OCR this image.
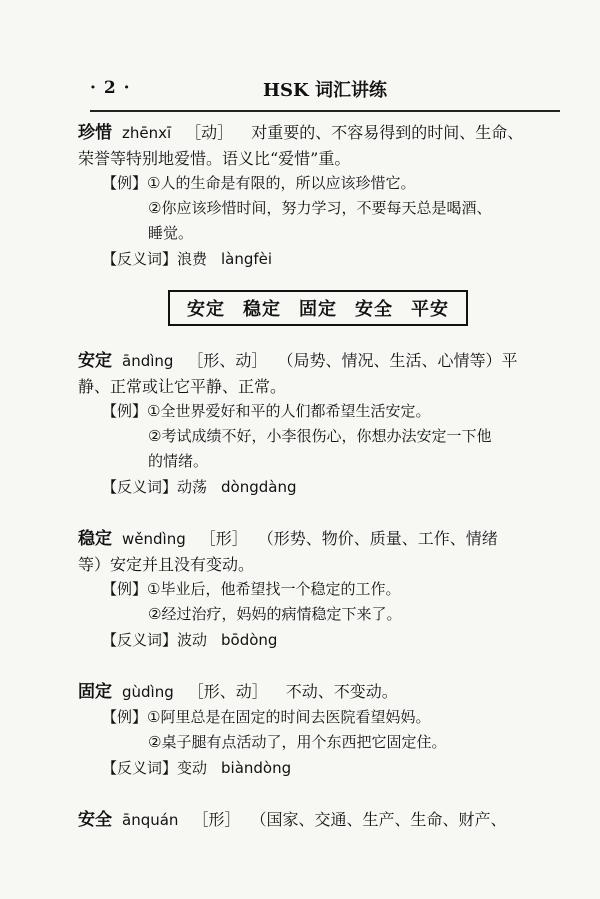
· 2 ·	HSK 词汇讲练
珍惜 zhēnxī ［动］ 对重要的、不容易得到的时间、生命、
荣誉等特别地爱惜。语义比“爱惜”重。
【例】①人的生命是有限的，所以应该珍惜它。
②你应该珍惜时间，努力学习，不要每天总是喝酒、
睡觉。
【反义词】浪费 làngfèi
安定 稳定 固定 安全 平安
安定 āndìng ［形、动］ （局势、情况、生活、心情等）平
静、正常或让它平静、正常。
【例】①全世界爱好和平的人们都希望生活安定。
②考试成绩不好，小李很伤心，你想办法安定一下他
的情绪。
【反义词】动荡 dòngdàng
稳定 wěndìng ［形］ （形势、物价、质量、工作、情绪
等）安定并且没有变动。
【例】①毕业后，他希望找一个稳定的工作。
②经过治疗，妈妈的病情稳定下来了。
【反义词】波动 bōdòng
固定 gùdìng ［形、动］ 不动、不变动。
【例】①阿里总是在固定的时间去医院看望妈妈。
②桌子腿有点活动了，用个东西把它固定住。
【反义词】变动 biàndòng
安全 ānquán ［形］ （国家、交通、生产、生命、财产、
